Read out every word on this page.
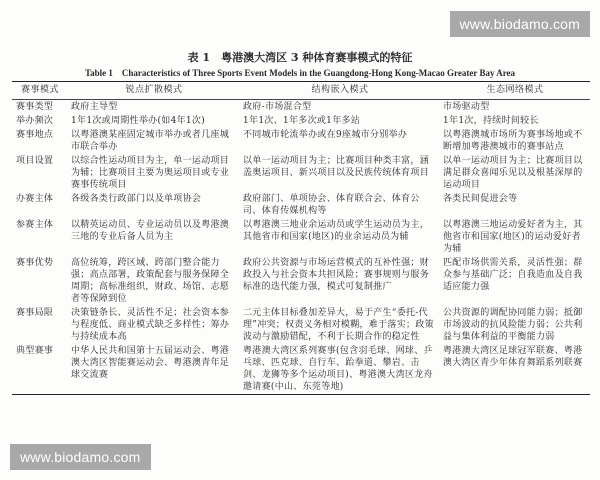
www.biodamo.com
表 1　粤港澳大湾区 3 种体育赛事模式的特征
Table 1　Characteristics of Three Sports Event Models in the Guangdong-Hong Kong-Macao Greater Bay Area
赛事模式	锐点扩散模式	结构嵌入模式	生态网络模式
赛事类型	政府主导型	政府-市场混合型	市场驱动型
举办频次	1年1次或周期性举办(如4年1次)	1年1次、1年多次或1年多站	1年1次，持续时间较长
赛事地点	以粤港澳某座固定城市举办或者几座城市联合举办	不同城市轮流举办或在9座城市分别举办	以粤港澳城市场所为赛事场地或不断增加粤港澳城市的赛事站点
项目设置	以综合性运动项目为主，单一运动项目为辅；比赛项目主要为奥运项目或专业赛事传统项目	以单一运动项目为主；比赛项目种类丰富，涵盖奥运项目、新兴项目以及民族传统体育项目	以单一运动项目为主；比赛项目以满足群众喜闻乐见以及根基深厚的运动项目
办赛主体	各级各类行政部门以及单项协会	政府部门、单项协会、体育联合会、体育公司、体育传媒机构等	各类民间促进会等
参赛主体	以精英运动员、专业运动员以及粤港澳三地的专业后备人员为主	以粤港澳三地业余运动员或学生运动员为主，其他省市和国家(地区)的业余运动员为辅	以粤港澳三地运动爱好者为主，其他省市和国家(地区)的运动爱好者为辅
赛事优势	高位统筹，跨区域、跨部门整合能力强；高点部署，政策配套与服务保障全周期；高标准组织，财政、场馆、志愿者等保障到位	政府公共资源与市场运营模式的互补性强；财政投入与社会资本共担风险；赛事规则与服务标准的迭代能力强，模式可复制推广	匹配市场供需关系，灵活性强；群众参与基础广泛；自我造血及自我适应能力强
赛事局限	决策链条长、灵活性不足；社会资本参与程度低、商业模式缺乏多样性；筹办与持续成本高	二元主体目标叠加差异大，易于产生“委托-代理”冲突；权责义务相对模糊，难于落实；政策波动与激励错配，不利于长期合作的稳定性	公共资源的调配协同能力弱；抵御市场波动的抗风险能力弱；公共利益与集体利益的平衡能力弱
典型赛事	中华人民共和国第十五届运动会、粤港澳大湾区智能赛运动会、粤港澳青年足球交流赛	粤港澳大湾区系列赛事(包含羽毛球、网球、乒乓球、匹克球、自行车、跆拳道、攀岩、击剑、龙狮等多个运动项目)、粤港澳大湾区龙舟邀请赛(中山、东莞等地)	粤港澳大湾区足球冠军联赛、粤港澳大湾区青少年体育舞蹈系列联赛
www.biodamo.com
